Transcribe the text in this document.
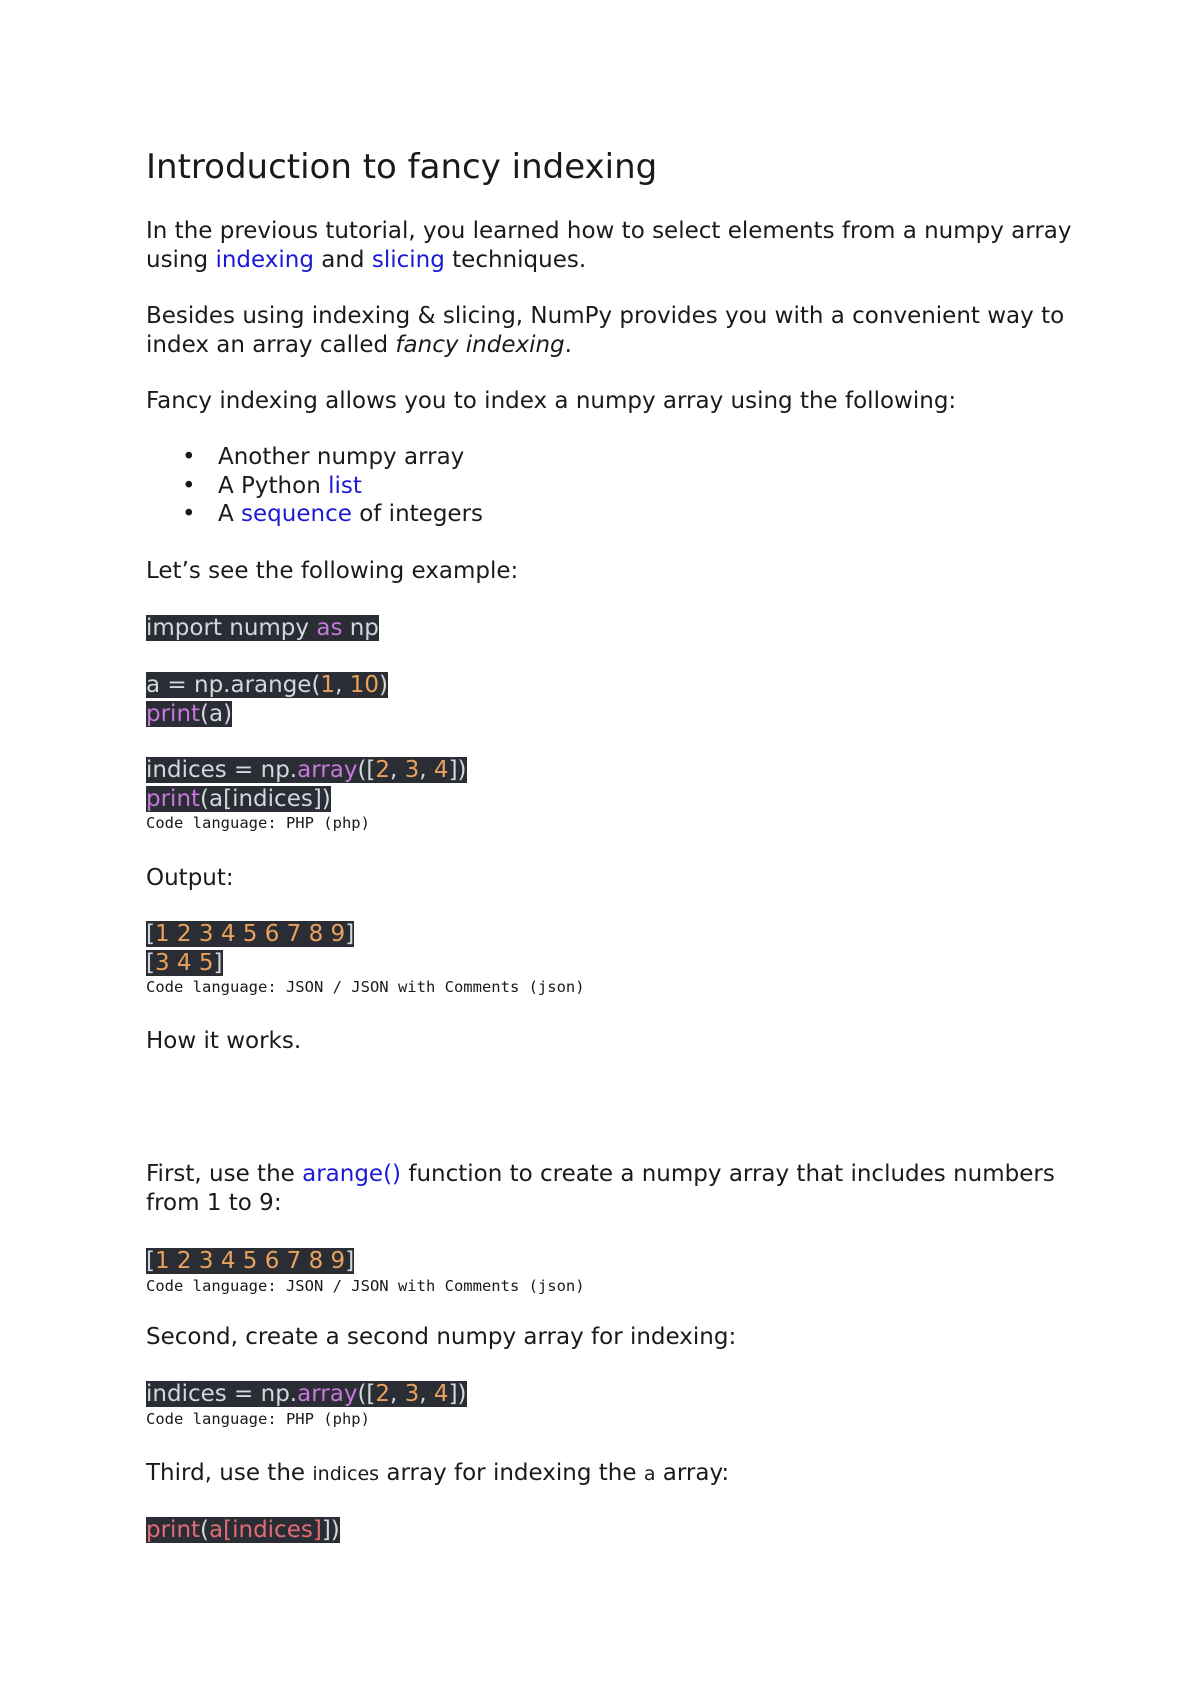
Introduction to fancy indexing

In the previous tutorial, you learned how to select elements from a numpy array using indexing and slicing techniques.

Besides using indexing & slicing, NumPy provides you with a convenient way to index an array called fancy indexing.

Fancy indexing allows you to index a numpy array using the following:

• Another numpy array
• A Python list
• A sequence of integers

Let’s see the following example:

import numpy as np
a = np.arange(1, 10)
print(a)
indices = np.array([2, 3, 4])
print(a[indices])
Code language: PHP (php)

Output:

[1 2 3 4 5 6 7 8 9]
[3 4 5]
Code language: JSON / JSON with Comments (json)

How it works.

First, use the arange() function to create a numpy array that includes numbers from 1 to 9:

[1 2 3 4 5 6 7 8 9]
Code language: JSON / JSON with Comments (json)

Second, create a second numpy array for indexing:

indices = np.array([2, 3, 4])
Code language: PHP (php)

Third, use the indices array for indexing the a array:

print(a[indices]])
